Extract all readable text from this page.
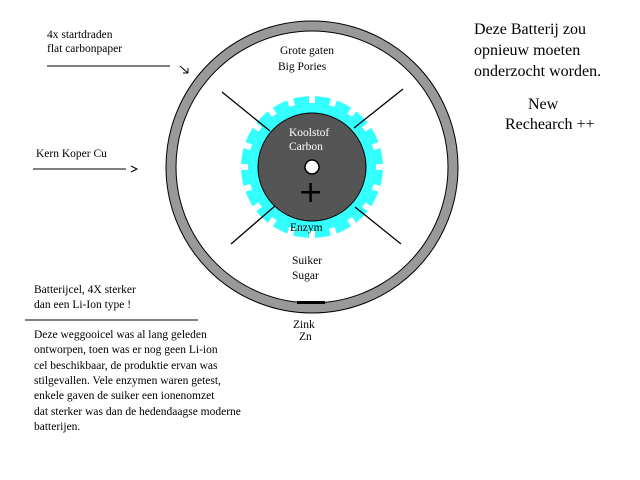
4x startdraden
flat carbonpaper
Kern Koper Cu
Grote gaten
Big Pories
Koolstof
Carbon
+
Enzym
Suiker
Sugar
Zink
Zn
Deze Batterij zou
opnieuw moeten
onderzocht worden.
New
Rechearch ++
Batterijcel, 4X sterker
dan een Li-Ion type !
Deze weggooicel was al lang geleden
ontworpen, toen was er nog geen Li-ion
cel beschikbaar, de produktie ervan was
stilgevallen. Vele enzymen waren getest,
enkele gaven de suiker een ionenomzet
dat sterker was dan de hedendaagse moderne
batterijen.
